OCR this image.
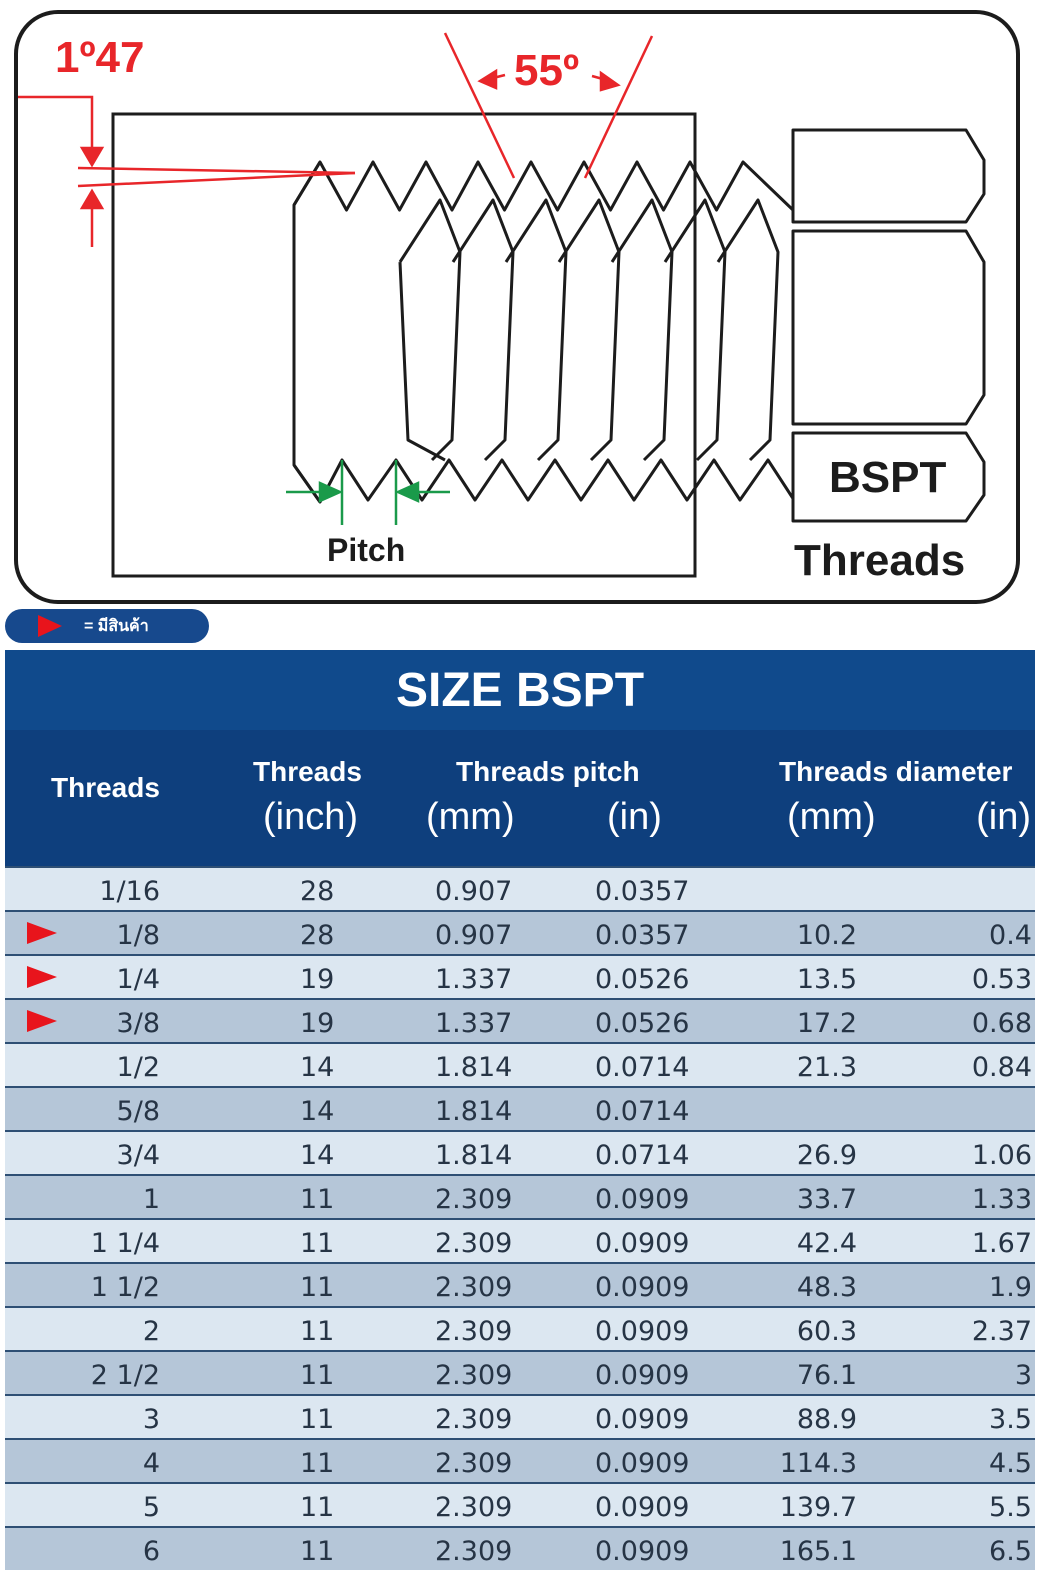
1º47	55º
Pitch
BSPT
Threads
= มีสินค้า
SIZE BSPT
Threads
Threads
(inch)
Threads pitch
(mm) (in)
Threads diameter
(mm)	(in)
1/16	28	0.907	0.0357
1/8	28	0.907	0.0357	10.2	0.4
1/4	19	1.337	0.0526	13.5	0.53
3/8	19	1.337	0.0526	17.2	0.68
1/2	14	1.814	0.0714	21.3	0.84
5/8	14	1.814	0.0714
3/4	14	1.814	0.0714	26.9	1.06
1	11	2.309	0.0909	33.7	1.33
1 1/4	11	2.309	0.0909	42.4	1.67
1 1/2	11	2.309	0.0909	48.3	1.9
2	11	2.309	0.0909	60.3	2.37
2 1/2	11	2.309	0.0909	76.1	3
3	11	2.309	0.0909	88.9	3.5
4	11	2.309	0.0909	114.3	4.5
5	11	2.309	0.0909	139.7	5.5
6	11	2.309	0.0909	165.1	6.5
